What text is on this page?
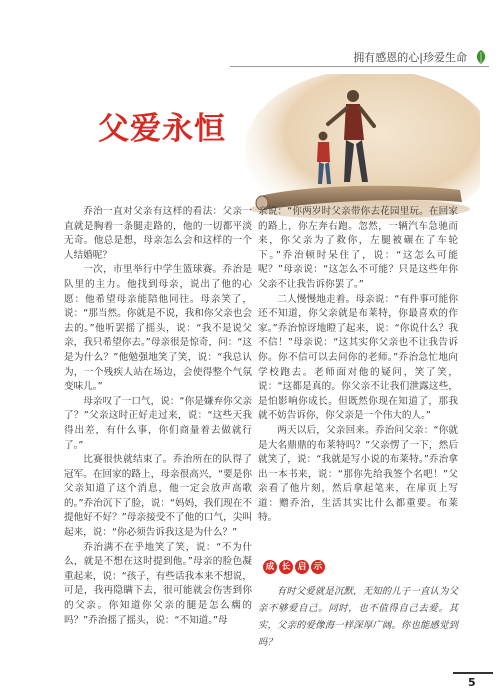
拥有感恩的心|珍爱生命
父爱永恒

乔治一直对父亲有这样的看法：父亲一直就是胸着一条腿走路的，他的一切都平淡无奇。他总是想，母亲怎么会和这样的一个人结婚呢？

一次，市里举行中学生篮球赛。乔治是队里的主力。他找到母亲，说出了他的心愿：他希望母亲能陪他同往。母亲笑了，说：“那当然。你就是不说，我和你父亲也会去的。”他听罢摇了摇头，说：“我不是说父亲，我只希望你去。”母亲很是惊奇，问：“这是为什么？”他勉强地笑了笑，说：“我总认为，一个残疾人站在场边，会使得整个气氛变味儿。”

母亲叹了一口气，说：“你是嫌弃你父亲了？”父亲这时正好走过来，说：“这些天我得出差，有什么事，你们商量着去做就行了。”

比赛很快就结束了。乔治所在的队得了冠军。在回家的路上，母亲很高兴，“要是你父亲知道了这个消息，他一定会放声高歌的。”乔治沉下了脸，说：“妈妈，我们现在不提他好不好？”母亲接受不了他的口气，尖叫起来，说：“你必须告诉我这是为什么？”

乔治满不在乎地笑了笑，说：“不为什么，就是不想在这时提到他。”母亲的脸色凝重起来，说：“孩子，有些话我本来不想说，可是，我再隐瞒下去，很可能就会伤害到你的父亲。你知道你父亲的腿是怎么瘸的吗？”乔治摇了摇头，说：“不知道。”母

亲说：“你两岁时父亲带你去花园里玩。在回家的路上，你左奔右跑。忽然，一辆汽车急驰而来，你父亲为了救你，左腿被碾在了车轮下。”乔治顿时呆住了，说：“这怎么可能呢？”母亲说：“这怎么不可能？只是这些年你父亲不让我告诉你罢了。”

二人慢慢地走着。母亲说：“有件事可能你还不知道，你父亲就是布莱特，你最喜欢的作家。”乔治惊讶地瞪了起来，说：“你说什么？我不信！”母亲说：“这其实你父亲也不让我告诉你。你不信可以去问你的老师。”乔治急忙地向学校跑去。老师面对他的疑问，笑了笑，说：“这都是真的。你父亲不让我们泄露这些，是怕影响你成长。但既然你现在知道了，那我就不妨告诉你，你父亲是一个伟大的人。”

两天以后，父亲回来。乔治问父亲：“你就是大名鼎鼎的布莱特吗？”父亲愣了一下，然后就笑了，说：“我就是写小说的布莱特。”乔治拿出一本书来，说：“那你先给我签个名吧！”父亲看了他片刻，然后拿起笔来，在扉页上写道：赠乔治，生活其实比什么都重要。布莱特。

成 长 启 示

有时父爱就是沉默，无知的儿子一直认为父亲不够爱自己。同时，也不值得自己去爱。其实，父亲的爱像海一样深厚广阔。你也能感觉到吗？

5
